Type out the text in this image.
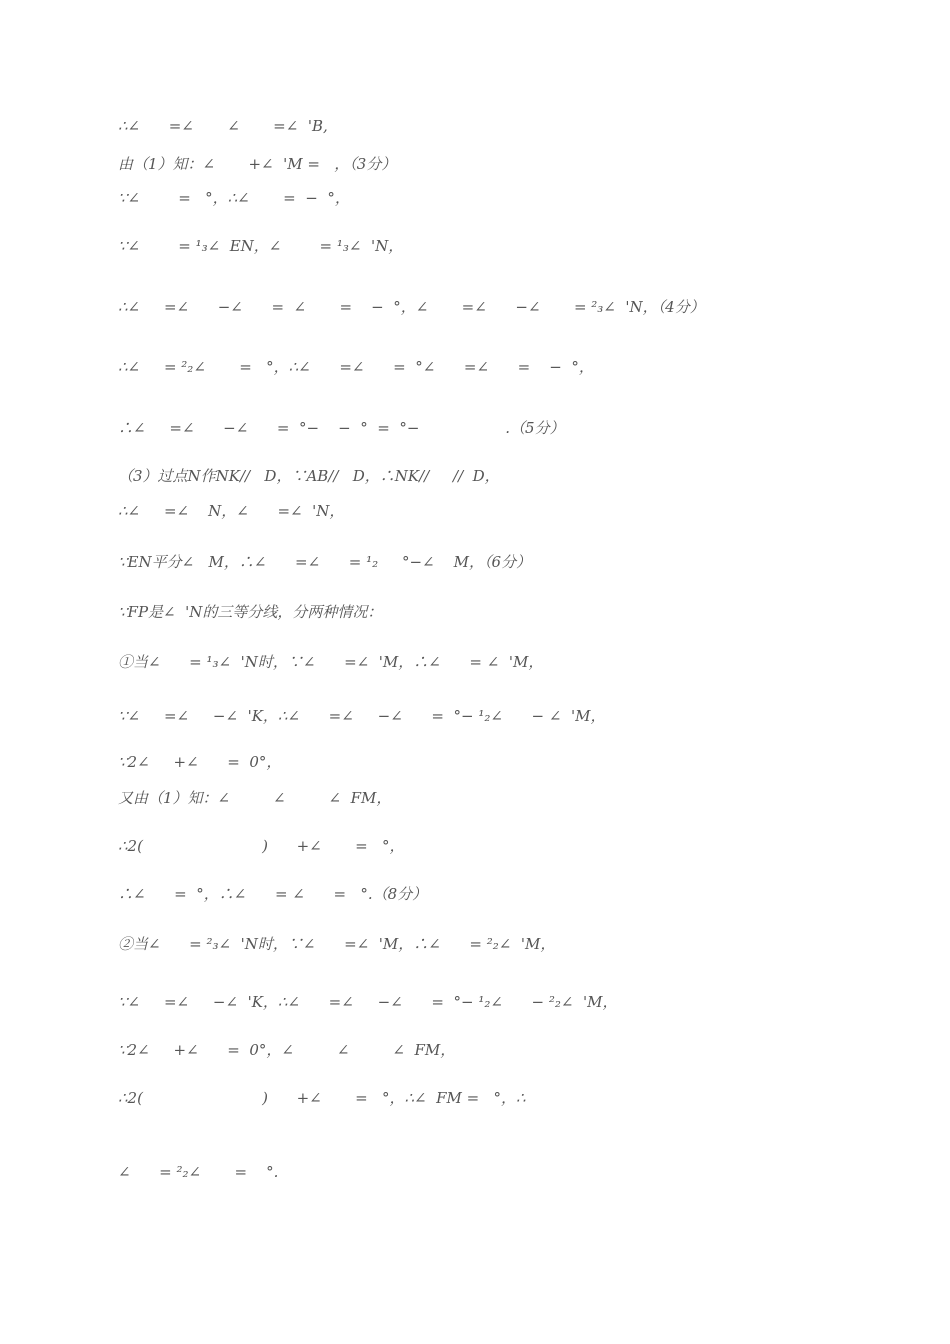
∴∠      =∠       ∠       =∠  'B,
由（1）知：∠       +∠  'M =   ，（3分）
∵∠        =   °，∴∠       =  −  °，
∵∠        = ¹₃∠  EN，∠        = ¹₃∠  'N，
∴∠     =∠      −∠      =  ∠       =    −  °，∠       =∠      −∠       = ²₃∠  'N，（4分）
∴∠     = ²₂∠       =   °，∴∠      =∠      =  °∠      =∠      =    −  °，
∴∠     =∠      −∠      =  °−    −  °  =  °−                  .（5分）
（3）过点N作NK//   D，∵AB//   D，∴NK//     //  D，
∴∠     =∠    N，∠      =∠  'N，
∵EN平分∠   M，∴∠      =∠      = ¹₂     °−∠    M，（6分）
∵FP是∠  'N的三等分线，分两种情况：
①当∠      = ¹₃∠  'N时，∵∠      =∠  'M，∴∠      = ∠  'M，
∵∠     =∠     −∠  'K，∴∠      =∠     −∠      =  °− ¹₂∠      − ∠  'M，
∵2∠     +∠      =  0°，
又由（1）知：∠         ∠         ∠  FM，
∴2(                         )      +∠       =   °，
∴∠      =  °，∴∠      = ∠      =   °.（8分）
②当∠      = ²₃∠  'N时，∵∠      =∠  'M，∴∠      = ²₂∠  'M，
∵∠     =∠     −∠  'K，∴∠      =∠     −∠      =  °− ¹₂∠      − ²₂∠  'M，
∵2∠     +∠      =  0°，∠         ∠         ∠  FM，
∴2(                         )      +∠       =   °，∴∠  FM =   °，∴
∠      = ²₂∠       =    °.
